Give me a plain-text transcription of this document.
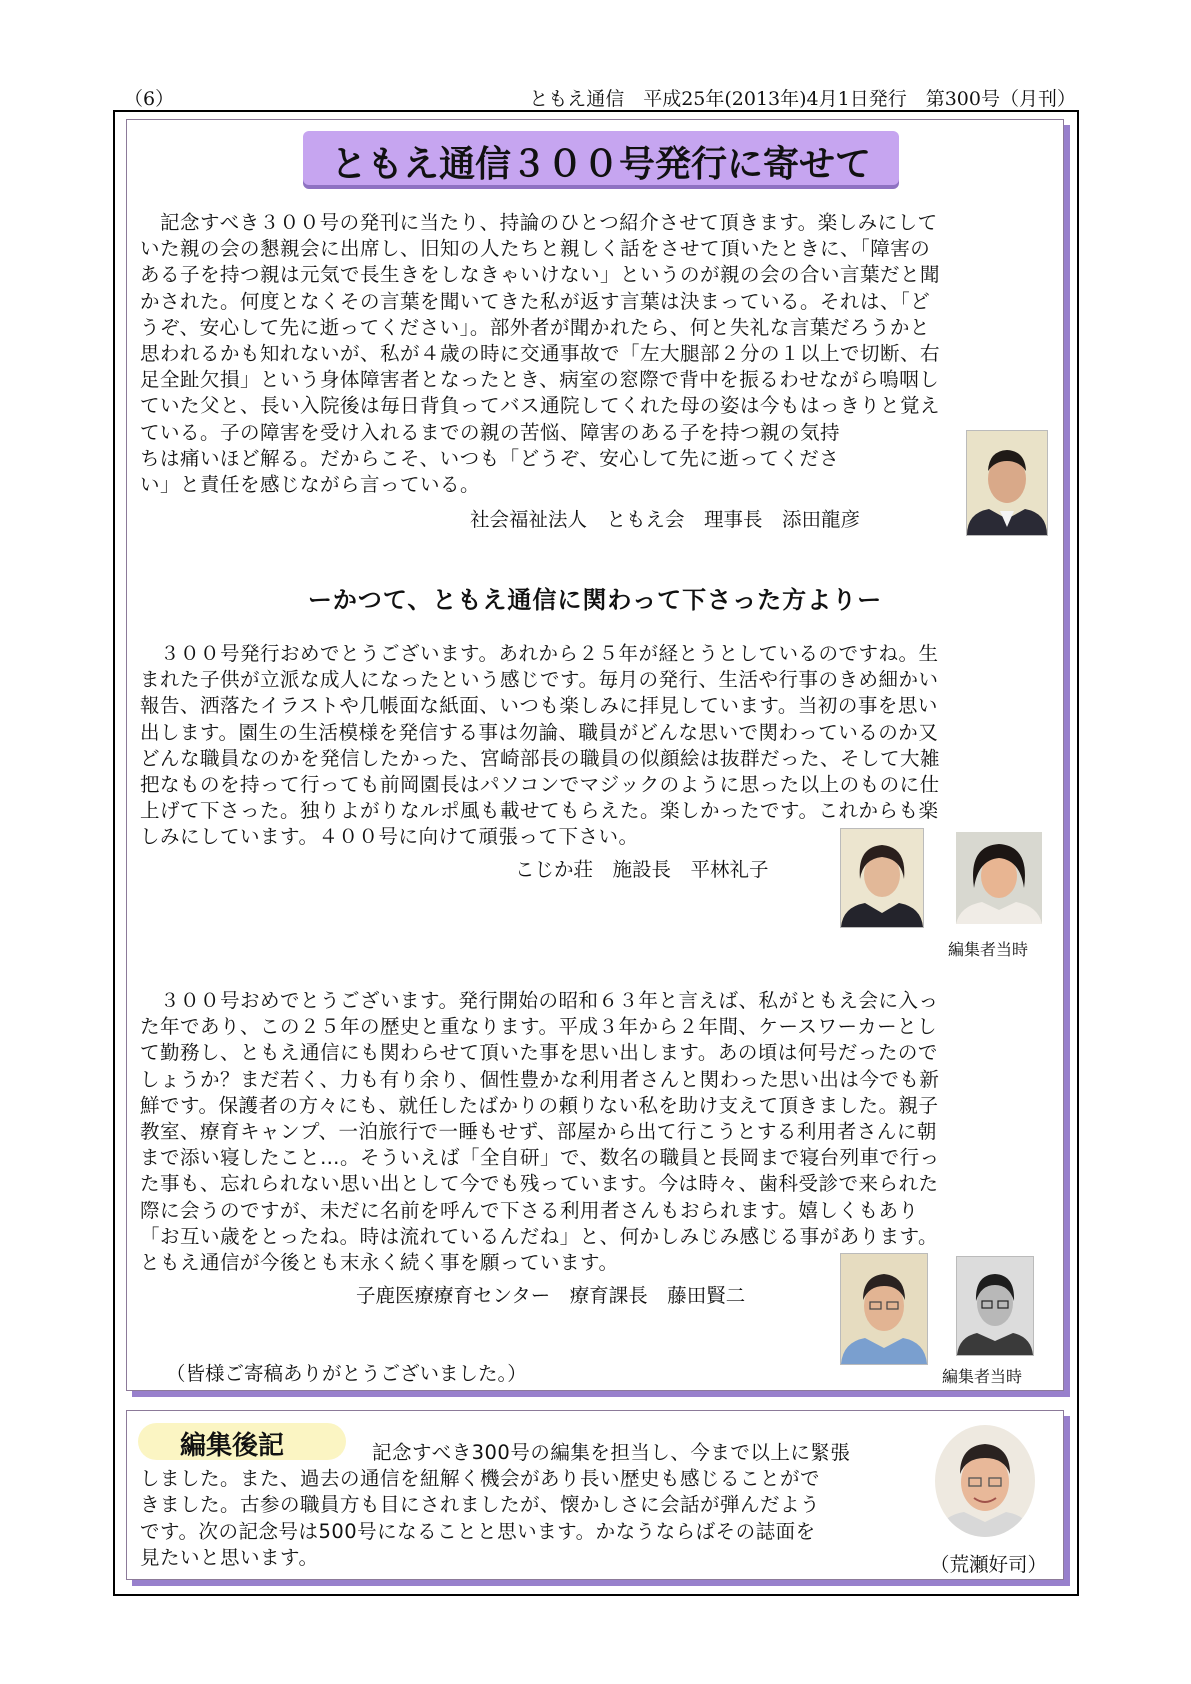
（6）	ともえ通信　平成25年(2013年)4月1日発行　第300号（月刊）
ともえ通信３００号発行に寄せて
　記念すべき３００号の発刊に当たり、持論のひとつ紹介させて頂きます。楽しみにして
いた親の会の懇親会に出席し、旧知の人たちと親しく話をさせて頂いたときに、「障害の
ある子を持つ親は元気で長生きをしなきゃいけない」というのが親の会の合い言葉だと聞
かされた。何度となくその言葉を聞いてきた私が返す言葉は決まっている。それは、「ど
うぞ、安心して先に逝ってください」。部外者が聞かれたら、何と失礼な言葉だろうかと
思われるかも知れないが、私が４歳の時に交通事故で「左大腿部２分の１以上で切断、右
足全趾欠損」という身体障害者となったとき、病室の窓際で背中を振るわせながら嗚咽し
ていた父と、長い入院後は毎日背負ってバス通院してくれた母の姿は今もはっきりと覚え
ている。子の障害を受け入れるまでの親の苦悩、障害のある子を持つ親の気持
ちは痛いほど解る。だからこそ、いつも「どうぞ、安心して先に逝ってくださ
い」と責任を感じながら言っている。
社会福祉法人　ともえ会　理事長　添田龍彦
ーかつて、ともえ通信に関わって下さった方よりー
　３００号発行おめでとうございます。あれから２５年が経とうとしているのですね。生
まれた子供が立派な成人になったという感じです。毎月の発行、生活や行事のきめ細かい
報告、洒落たイラストや几帳面な紙面、いつも楽しみに拝見しています。当初の事を思い
出します。園生の生活模様を発信する事は勿論、職員がどんな思いで関わっているのか又
どんな職員なのかを発信したかった、宮崎部長の職員の似顔絵は抜群だった、そして大雑
把なものを持って行っても前岡園長はパソコンでマジックのように思った以上のものに仕
上げて下さった。独りよがりなルポ風も載せてもらえた。楽しかったです。これからも楽
しみにしています。４００号に向けて頑張って下さい。
こじか荘　施設長　平林礼子
編集者当時
　３００号おめでとうございます。発行開始の昭和６３年と言えば、私がともえ会に入っ
た年であり、この２５年の歴史と重なります。平成３年から２年間、ケースワーカーとし
て勤務し、ともえ通信にも関わらせて頂いた事を思い出します。あの頃は何号だったので
しょうか？まだ若く、力も有り余り、個性豊かな利用者さんと関わった思い出は今でも新
鮮です。保護者の方々にも、就任したばかりの頼りない私を助け支えて頂きました。親子
教室、療育キャンプ、一泊旅行で一睡もせず、部屋から出て行こうとする利用者さんに朝
まで添い寝したこと…。そういえば「全自研」で、数名の職員と長岡まで寝台列車で行っ
た事も、忘れられない思い出として今でも残っています。今は時々、歯科受診で来られた
際に会うのですが、未だに名前を呼んで下さる利用者さんもおられます。嬉しくもあり
「お互い歳をとったね。時は流れているんだね」と、何かしみじみ感じる事があります。
ともえ通信が今後とも末永く続く事を願っています。
子鹿医療療育センター　療育課長　藤田賢二
（皆様ご寄稿ありがとうございました。）	編集者当時
編集後記	記念すべき300号の編集を担当し、今まで以上に緊張
しました。また、過去の通信を紐解く機会があり長い歴史も感じることがで
きました。古参の職員方も目にされましたが、懐かしさに会話が弾んだよう
です。次の記念号は500号になることと思います。かなうならばその誌面を
見たいと思います。	（荒瀬好司）
